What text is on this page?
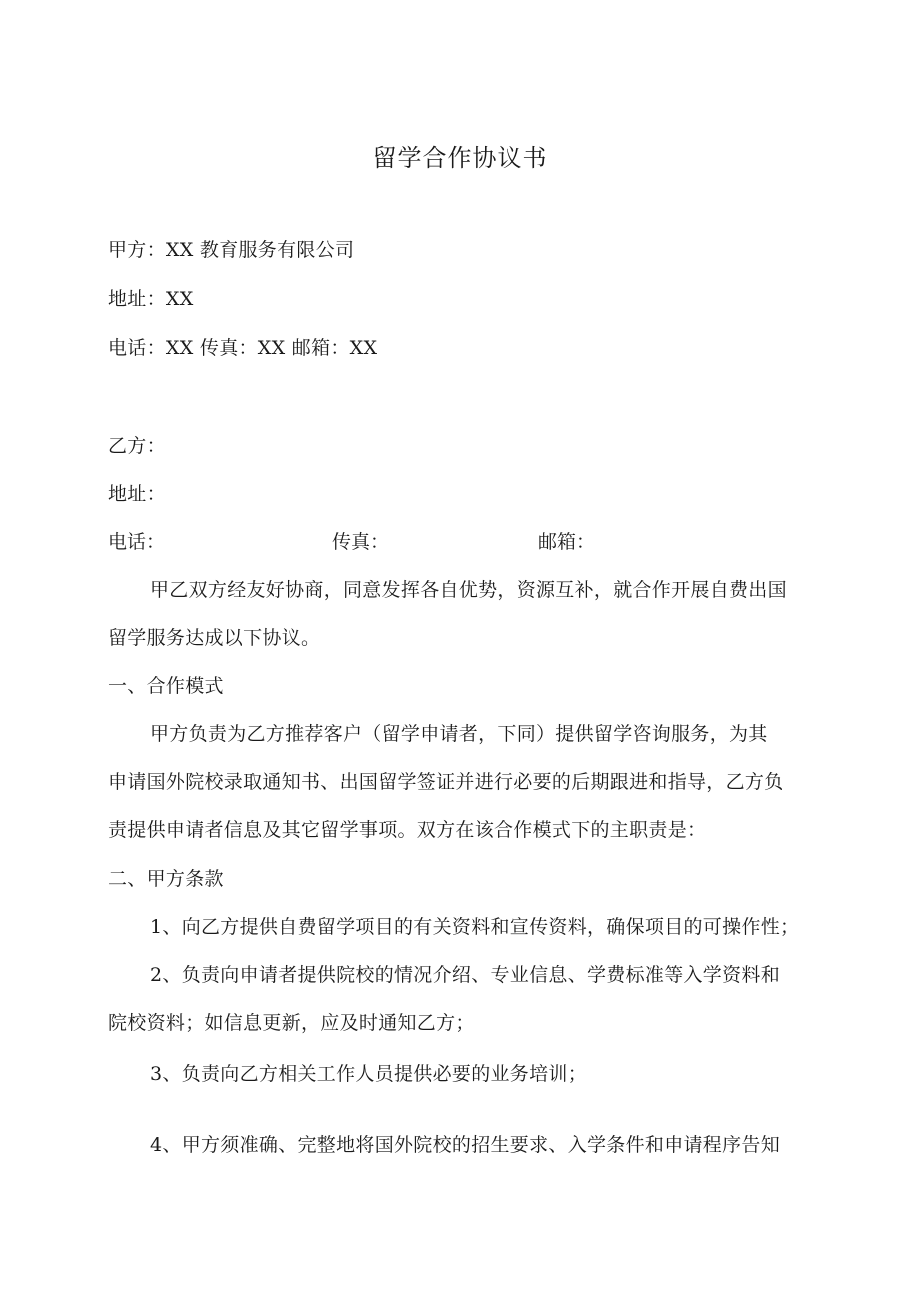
留学合作协议书
甲方：XX 教育服务有限公司
地址：XX
电话：XX 传真：XX 邮箱：XX
乙方：
地址：
电话：	传真：	邮箱：
甲乙双方经友好协商，同意发挥各自优势，资源互补，就合作开展自费出国
留学服务达成以下协议。
一、合作模式
甲方负责为乙方推荐客户（留学申请者，下同）提供留学咨询服务，为其
申请国外院校录取通知书、出国留学签证并进行必要的后期跟进和指导，乙方负
责提供申请者信息及其它留学事项。双方在该合作模式下的主职责是：
二、甲方条款
1、向乙方提供自费留学项目的有关资料和宣传资料，确保项目的可操作性；
2、负责向申请者提供院校的情况介绍、专业信息、学费标准等入学资料和
院校资料；如信息更新，应及时通知乙方；
3、负责向乙方相关工作人员提供必要的业务培训；
4、甲方须准确、完整地将国外院校的招生要求、入学条件和申请程序告知
